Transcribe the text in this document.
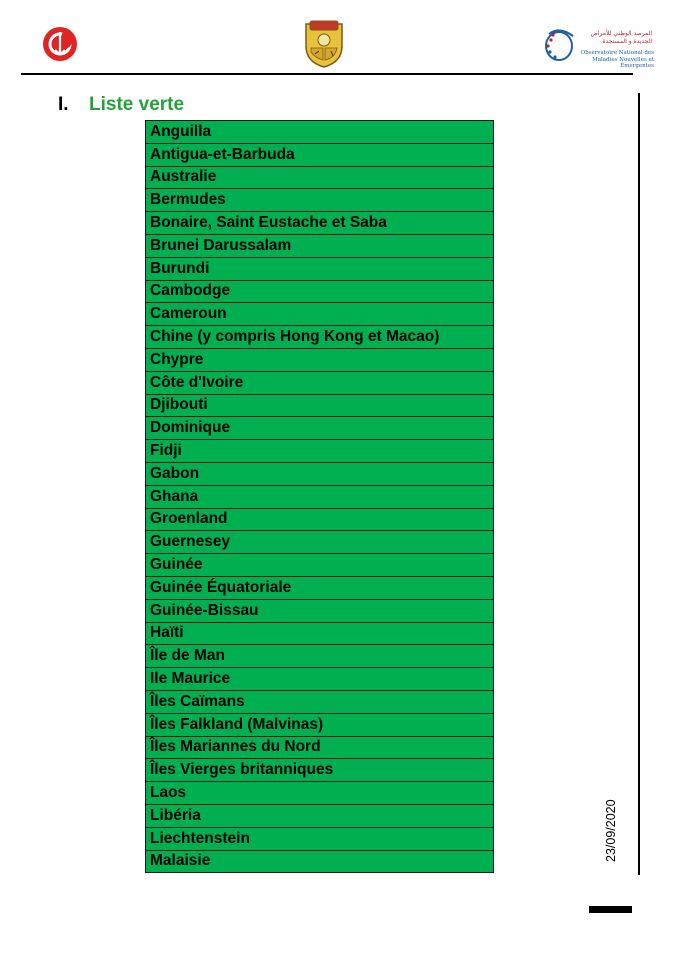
المرصد الوطني للأمراض الجديدة و المستجدة
Observatoire National des Maladies Nouvelles et Émergentes
I. Liste verte
Anguilla
Antigua-et-Barbuda
Australie
Bermudes
Bonaire, Saint Eustache et Saba
Brunei Darussalam
Burundi
Cambodge
Cameroun
Chine (y compris Hong Kong et Macao)
Chypre
Côte d'Ivoire
Djibouti
Dominique
Fidji
Gabon
Ghana
Groenland
Guernesey
Guinée
Guinée Équatoriale
Guinée-Bissau
Haïti
Île de Man
Ile Maurice
Îles Caïmans
Îles Falkland (Malvinas)
Îles Mariannes du Nord
Îles Vierges britanniques
Laos
Libéria
Liechtenstein
Malaisie	23/09/2020
